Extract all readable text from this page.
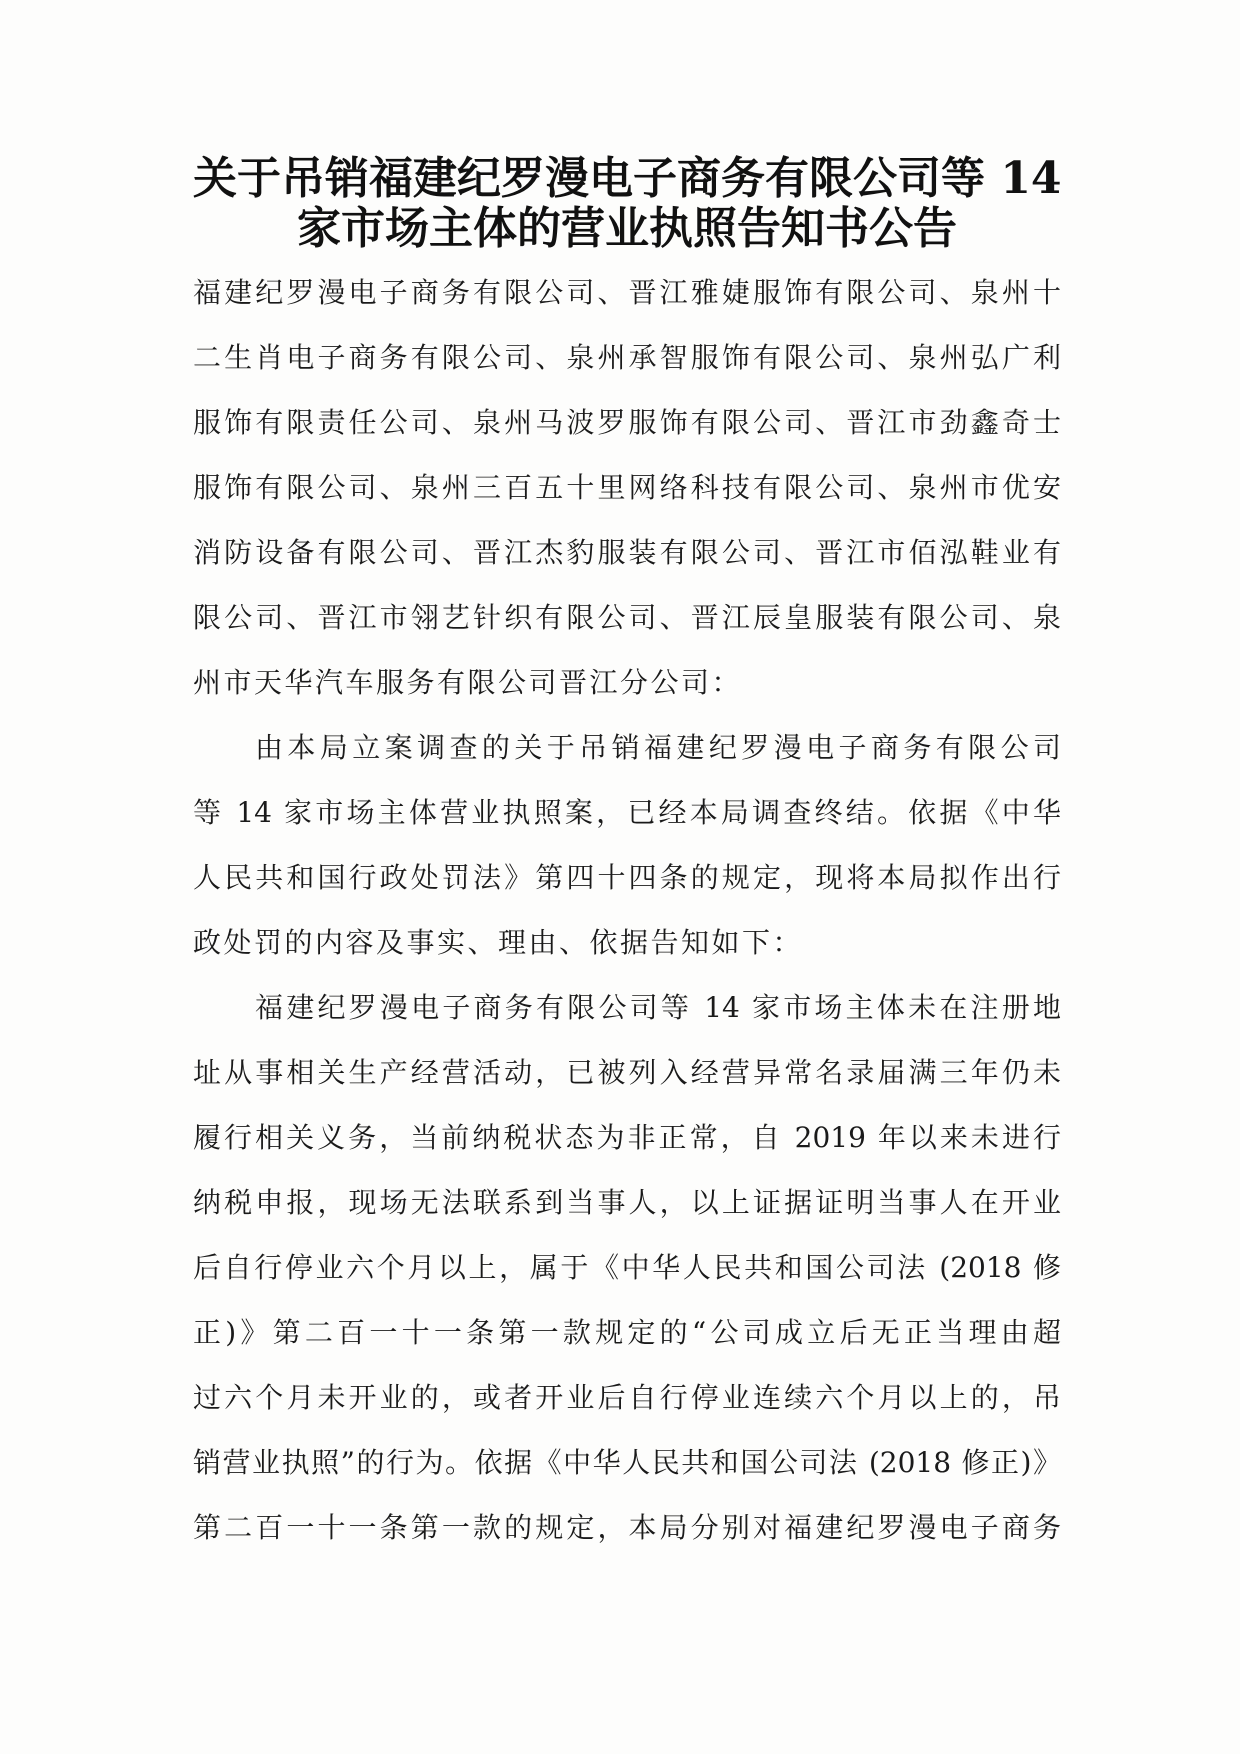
关于吊销福建纪罗漫电子商务有限公司等 14
家市场主体的营业执照告知书公告
福建纪罗漫电子商务有限公司、晋江雅婕服饰有限公司、泉州十
二生肖电子商务有限公司、泉州承智服饰有限公司、泉州弘广利
服饰有限责任公司、泉州马波罗服饰有限公司、晋江市劲鑫奇士
服饰有限公司、泉州三百五十里网络科技有限公司、泉州市优安
消防设备有限公司、晋江杰豹服装有限公司、晋江市佰泓鞋业有
限公司、晋江市翎艺针织有限公司、晋江辰皇服装有限公司、泉
州市天华汽车服务有限公司晋江分公司：
由本局立案调查的关于吊销福建纪罗漫电子商务有限公司
等 14 家市场主体营业执照案，已经本局调查终结。依据《中华
人民共和国行政处罚法》第四十四条的规定，现将本局拟作出行
政处罚的内容及事实、理由、依据告知如下：
福建纪罗漫电子商务有限公司等 14 家市场主体未在注册地
址从事相关生产经营活动，已被列入经营异常名录届满三年仍未
履行相关义务，当前纳税状态为非正常，自 2019 年以来未进行
纳税申报，现场无法联系到当事人，以上证据证明当事人在开业
后自行停业六个月以上，属于《中华人民共和国公司法 (2018 修
正)》第二百一十一条第一款规定的“公司成立后无正当理由超
过六个月未开业的，或者开业后自行停业连续六个月以上的，吊
销营业执照”的行为。依据《中华人民共和国公司法 (2018 修正)》
第二百一十一条第一款的规定，本局分别对福建纪罗漫电子商务
